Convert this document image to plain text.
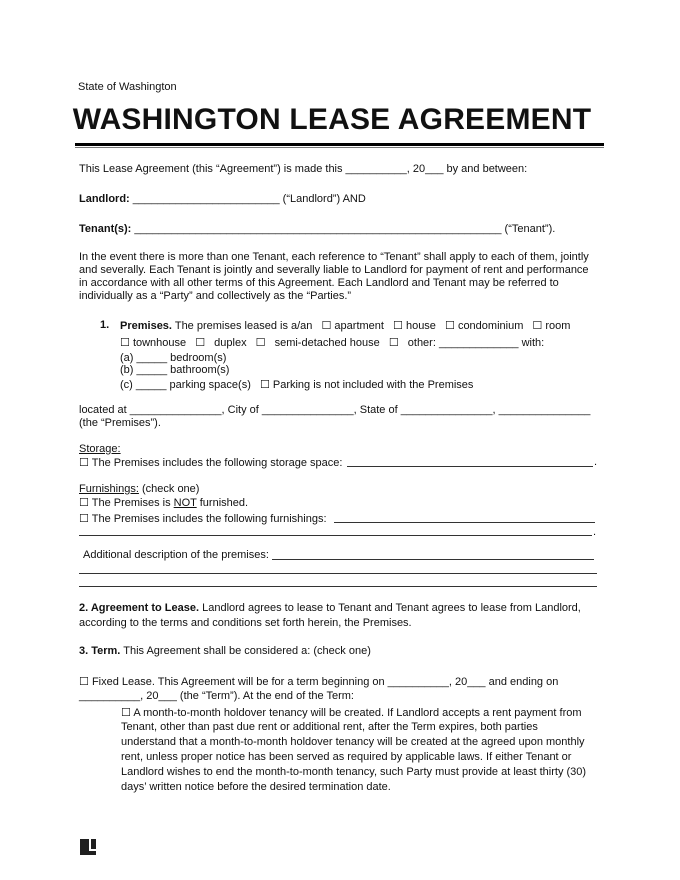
State of Washington
WASHINGTON LEASE AGREEMENT
This Lease Agreement (this “Agreement”) is made this __________, 20___ by and between:
Landlord: ________________________ (“Landlord”) AND
Tenant(s): ____________________________________________________________ (“Tenant”).
In the event there is more than one Tenant, each reference to “Tenant” shall apply to each of them, jointly and severally. Each Tenant is jointly and severally liable to Landlord for payment of rent and performance in accordance with all other terms of this Agreement. Each Landlord and Tenant may be referred to individually as a “Party” and collectively as the “Parties.”
1. Premises. The premises leased is a/an ☐ apartment ☐ house ☐ condominium ☐ room
☐ townhouse ☐ duplex ☐ semi-detached house ☐ other: _____________ with:
(a) _____ bedroom(s)
(b) _____ bathroom(s)
(c) _____ parking space(s) ☐ Parking is not included with the Premises
located at _______________, City of _______________, State of _______________, _______________
(the “Premises”).
Storage:
☐ The Premises includes the following storage space:	.
Furnishings: (check one)
☐ The Premises is NOT furnished.
☐ The Premises includes the following furnishings:
.
Additional description of the premises:
2. Agreement to Lease. Landlord agrees to lease to Tenant and Tenant agrees to lease from Landlord,
according to the terms and conditions set forth herein, the Premises.
3. Term. This Agreement shall be considered a: (check one)
☐ Fixed Lease. This Agreement will be for a term beginning on __________, 20___ and ending on
__________, 20___ (the “Term”). At the end of the Term:
☐ A month-to-month holdover tenancy will be created. If Landlord accepts a rent payment from
Tenant, other than past due rent or additional rent, after the Term expires, both parties
understand that a month-to-month holdover tenancy will be created at the agreed upon monthly
rent, unless proper notice has been served as required by applicable laws. If either Tenant or
Landlord wishes to end the month-to-month tenancy, such Party must provide at least thirty (30)
days’ written notice before the desired termination date.
